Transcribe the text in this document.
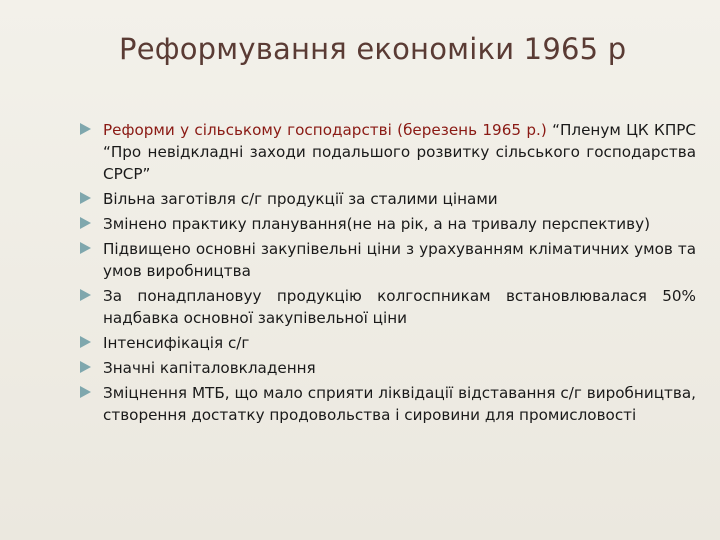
Реформування економіки 1965 р
Реформи у сільському господарстві (березень 1965 р.) “Пленум ЦК КПРС “Про невідкладні заходи подальшого розвитку сільського господарства СРСР”
Вільна заготівля с/г продукції за сталими цінами
Змінено практику планування(не на рік, а на тривалу перспективу)
Підвищено основні закупівельні ціни з урахуванням кліматичних умов та умов виробництва
За понадплановуу продукцію колгоспникам встановлювалася 50% надбавка основної закупівельної ціни
Інтенсифікація с/г
Значні капіталовкладення
Зміцнення МТБ, що мало сприяти ліквідації відставання с/г виробництва, створення достатку продовольства і сировини для промисловості
